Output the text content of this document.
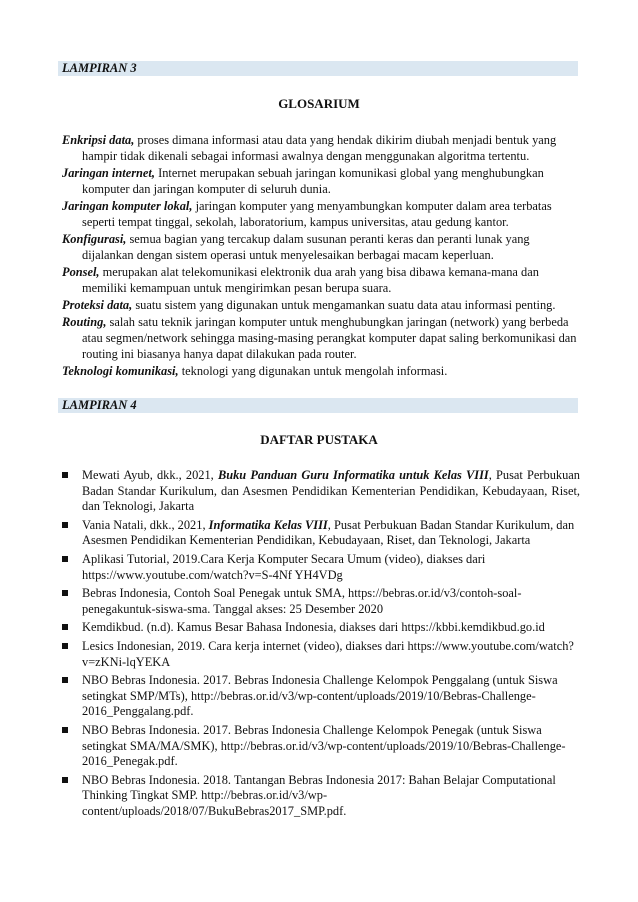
LAMPIRAN 3
GLOSARIUM

Enkripsi data, proses dimana informasi atau data yang hendak dikirim diubah menjadi bentuk yang hampir tidak dikenali sebagai informasi awalnya dengan menggunakan algoritma tertentu.

Jaringan internet, Internet merupakan sebuah jaringan komunikasi global yang menghubungkan komputer dan jaringan komputer di seluruh dunia.

Jaringan komputer lokal, jaringan komputer yang menyambungkan komputer dalam area terbatas seperti tempat tinggal, sekolah, laboratorium, kampus universitas, atau gedung kantor.

Konfigurasi, semua bagian yang tercakup dalam susunan peranti keras dan peranti lunak yang dijalankan dengan sistem operasi untuk menyelesaikan berbagai macam keperluan.

Ponsel, merupakan alat telekomunikasi elektronik dua arah yang bisa dibawa kemana-mana dan memiliki kemampuan untuk mengirimkan pesan berupa suara.

Proteksi data, suatu sistem yang digunakan untuk mengamankan suatu data atau informasi penting.

Routing, salah satu teknik jaringan komputer untuk menghubungkan jaringan (network) yang berbeda atau segmen/network sehingga masing-masing perangkat komputer dapat saling berkomunikasi dan routing ini biasanya hanya dapat dilakukan pada router.

Teknologi komunikasi, teknologi yang digunakan untuk mengolah informasi.

LAMPIRAN 4
DAFTAR PUSTAKA
Mewati Ayub, dkk., 2021, Buku Panduan Guru Informatika untuk Kelas VIII, Pusat Perbukuan Badan Standar Kurikulum, dan Asesmen Pendidikan Kementerian Pendidikan, Kebudayaan, Riset, dan Teknologi, Jakarta
Vania Natali, dkk., 2021, Informatika Kelas VIII, Pusat Perbukuan Badan Standar Kurikulum, dan Asesmen Pendidikan Kementerian Pendidikan, Kebudayaan, Riset, dan Teknologi, Jakarta
Aplikasi Tutorial, 2019.Cara Kerja Komputer Secara Umum (video), diakses dari https://www.youtube.com/watch?v=S-4Nf YH4VDg
Bebras Indonesia, Contoh Soal Penegak untuk SMA, https://bebras.or.id/v3/contoh-soal-penegakuntuk-siswa-sma. Tanggal akses: 25 Desember 2020
Kemdikbud. (n.d). Kamus Besar Bahasa Indonesia, diakses dari https://kbbi.kemdikbud.go.id
Lesics Indonesian, 2019. Cara kerja internet (video), diakses dari https://www.youtube.com/watch?v=zKNi-lqYEKA
NBO Bebras Indonesia. 2017. Bebras Indonesia Challenge Kelompok Penggalang (untuk Siswa setingkat SMP/MTs), http://bebras.or.id/v3/wp-content/uploads/2019/10/Bebras-Challenge-2016_Penggalang.pdf.
NBO Bebras Indonesia. 2017. Bebras Indonesia Challenge Kelompok Penegak (untuk Siswa setingkat SMA/MA/SMK), http://bebras.or.id/v3/wp-content/uploads/2019/10/Bebras-Challenge-2016_Penegak.pdf.
NBO Bebras Indonesia. 2018. Tantangan Bebras Indonesia 2017: Bahan Belajar Computational Thinking Tingkat SMP. http://bebras.or.id/v3/wp-content/uploads/2018/07/BukuBebras2017_SMP.pdf.
